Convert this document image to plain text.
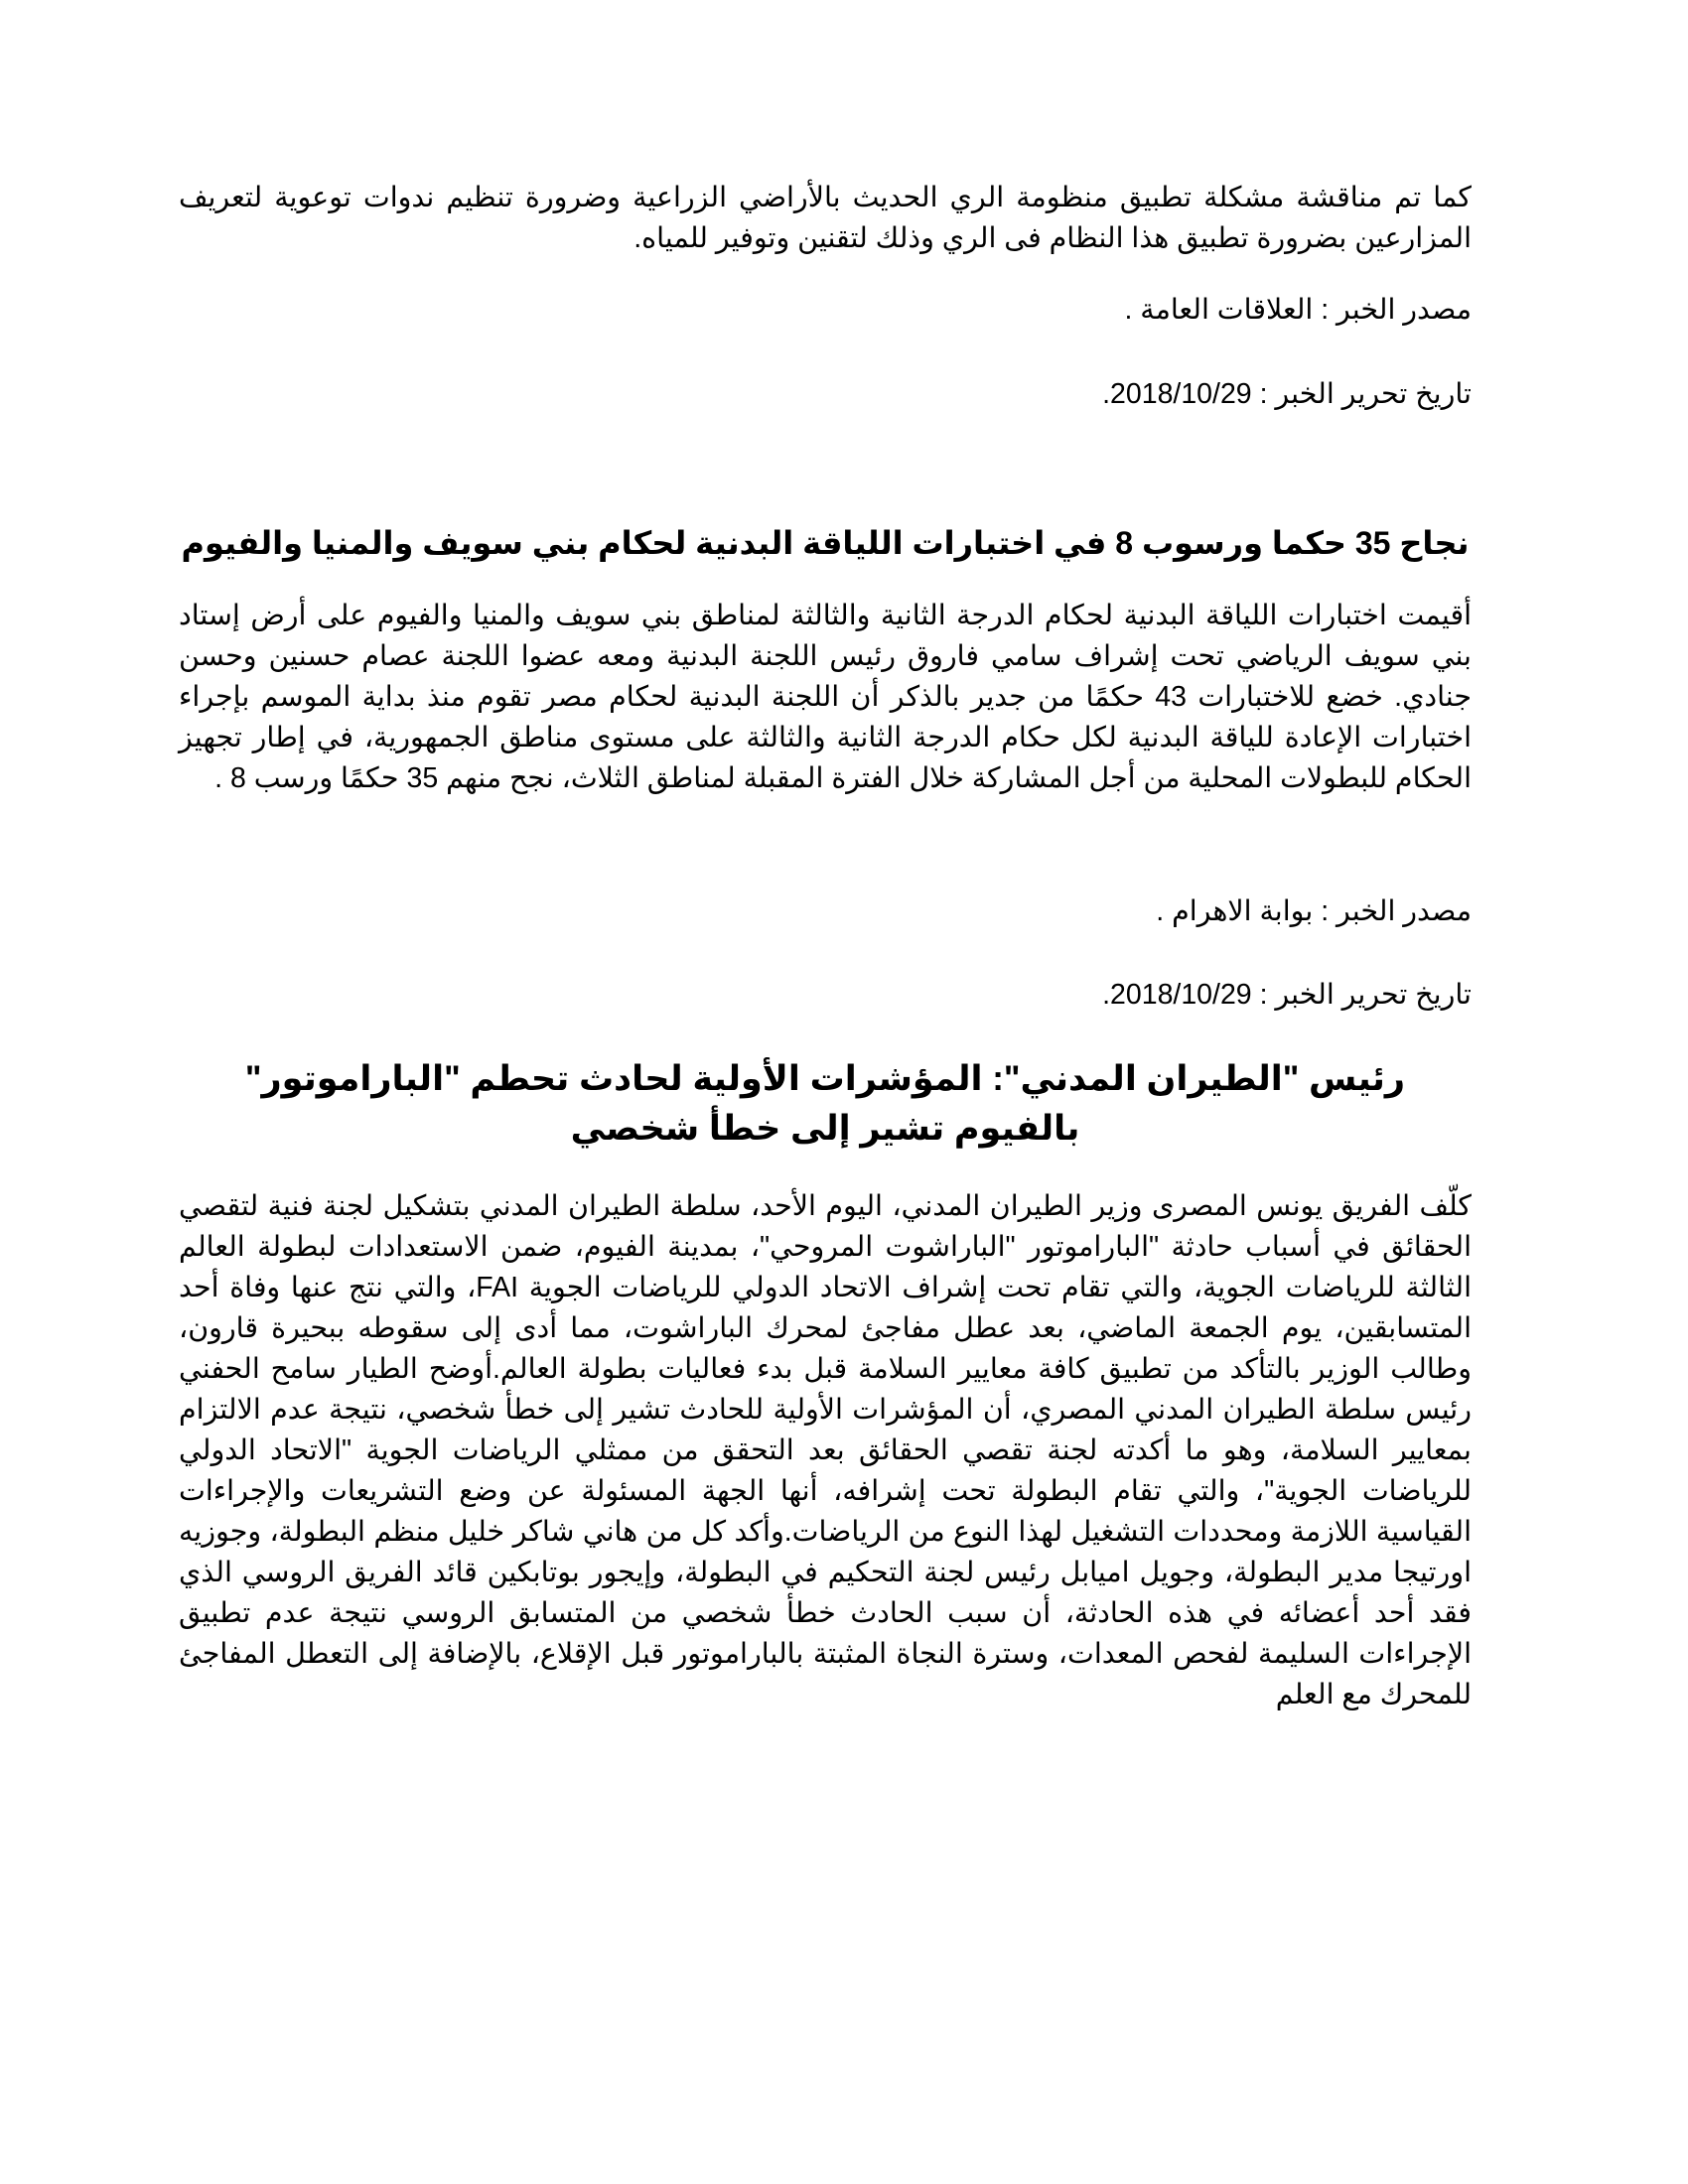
كما تم مناقشة مشكلة تطبيق منظومة الري الحديث بالأراضي الزراعية وضرورة تنظيم ندوات توعوية لتعريف المزارعين بضرورة تطبيق هذا النظام فى الري وذلك لتقنين وتوفير للمياه.

مصدر الخبر : العلاقات العامة .

تاريخ تحرير الخبر : 2018/10/29.

نجاح 35 حكما ورسوب 8 في اختبارات اللياقة البدنية لحكام بني سويف والمنيا والفيوم

أقيمت اختبارات اللياقة البدنية لحكام الدرجة الثانية والثالثة لمناطق بني سويف والمنيا والفيوم على أرض إستاد بني سويف الرياضي تحت إشراف سامي فاروق رئيس اللجنة البدنية ومعه عضوا اللجنة عصام حسنين وحسن جنادي. خضع للاختبارات 43 حكمًا من جدير بالذكر أن اللجنة البدنية لحكام مصر تقوم منذ بداية الموسم بإجراء اختبارات الإعادة للياقة البدنية لكل حكام الدرجة الثانية والثالثة على مستوى مناطق الجمهورية، في إطار تجهيز الحكام للبطولات المحلية من أجل المشاركة خلال الفترة المقبلة لمناطق الثلاث، نجح منهم 35 حكمًا ورسب 8 .

مصدر الخبر : بوابة الاهرام .

تاريخ تحرير الخبر : 2018/10/29.

رئيس "الطيران المدني": المؤشرات الأولية لحادث تحطم "الباراموتور" بالفيوم تشير إلى خطأ شخصي

كلّف الفريق يونس المصرى وزير الطيران المدني، اليوم الأحد، سلطة الطيران المدني بتشكيل لجنة فنية لتقصي الحقائق في أسباب حادثة "الباراموتور "الباراشوت المروحي"، بمدينة الفيوم، ضمن الاستعدادات لبطولة العالم الثالثة للرياضات الجوية، والتي تقام تحت إشراف الاتحاد الدولي للرياضات الجوية FAI، والتي نتج عنها وفاة أحد المتسابقين، يوم الجمعة الماضي، بعد عطل مفاجئ لمحرك الباراشوت، مما أدى إلى سقوطه ببحيرة قارون، وطالب الوزير بالتأكد من تطبيق كافة معايير السلامة قبل بدء فعاليات بطولة العالم.أوضح الطيار سامح الحفني رئيس سلطة الطيران المدني المصري، أن المؤشرات الأولية للحادث تشير إلى خطأ شخصي، نتيجة عدم الالتزام بمعايير السلامة، وهو ما أكدته لجنة تقصي الحقائق بعد التحقق من ممثلي الرياضات الجوية "الاتحاد الدولي للرياضات الجوية"، والتي تقام البطولة تحت إشرافه، أنها الجهة المسئولة عن وضع التشريعات والإجراءات القياسية اللازمة ومحددات التشغيل لهذا النوع من الرياضات.وأكد كل من هاني شاكر خليل منظم البطولة، وجوزيه اورتيجا مدير البطولة، وجويل اميابل رئيس لجنة التحكيم في البطولة، وإيجور بوتابكين قائد الفريق الروسي الذي فقد أحد أعضائه في هذه الحادثة، أن سبب الحادث خطأ شخصي من المتسابق الروسي نتيجة عدم تطبيق الإجراءات السليمة لفحص المعدات، وسترة النجاة المثبتة بالباراموتور قبل الإقلاع، بالإضافة إلى التعطل المفاجئ للمحرك مع العلم
